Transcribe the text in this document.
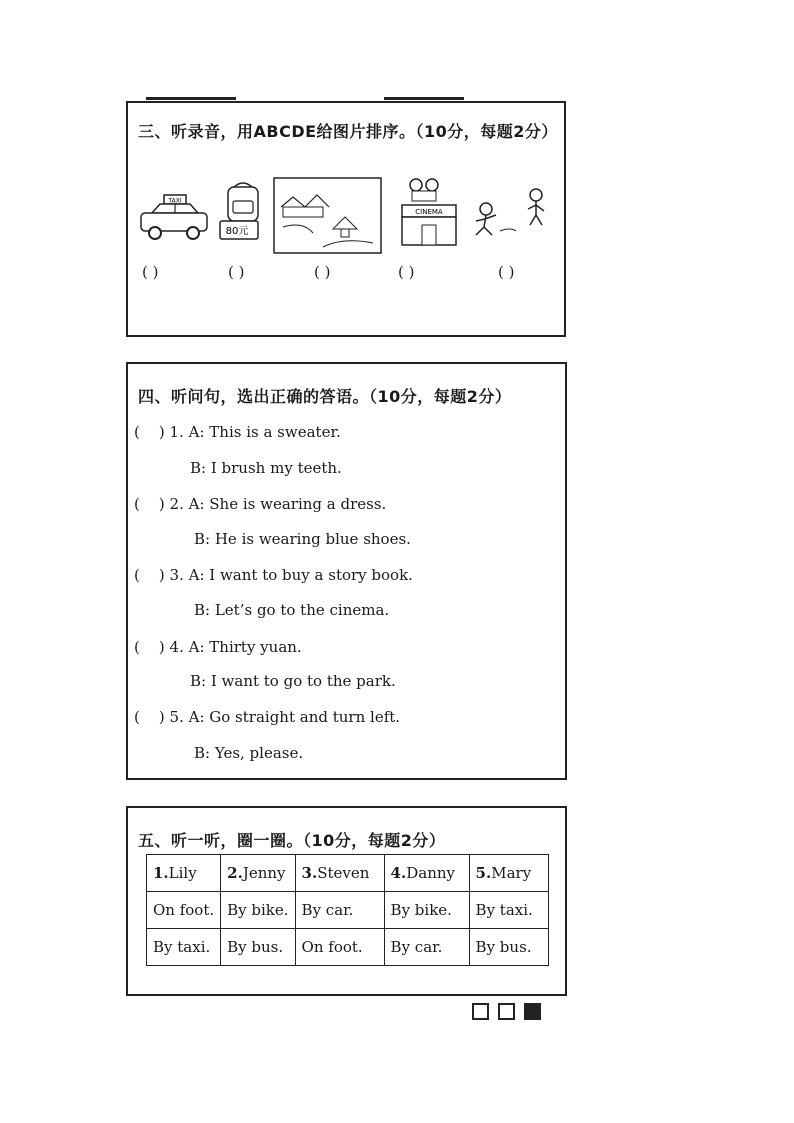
三、听录音，用ABCDE给图片排序。（10分，每题2分）
TAXI
80元
CINEMA
( )	( )	( )	( )	( )
四、听问句，选出正确的答语。（10分，每题2分）
(    ) 1. A: This is a sweater.
B: I brush my teeth.
(    ) 2. A: She is wearing a dress.
B: He is wearing blue shoes.
(    ) 3. A: I want to buy a story book.
B: Let’s go to the cinema.
(    ) 4. A: Thirty yuan.
B: I want to go to the park.
(    ) 5. A: Go straight and turn left.
B: Yes, please.
五、听一听，圈一圈。（10分，每题2分）
1.Lily	2.Jenny	3.Steven	4.Danny	5.Mary
On foot.	By bike.	By car.	By bike.	By taxi.
By taxi.	By bus.	On foot.	By car.	By bus.
